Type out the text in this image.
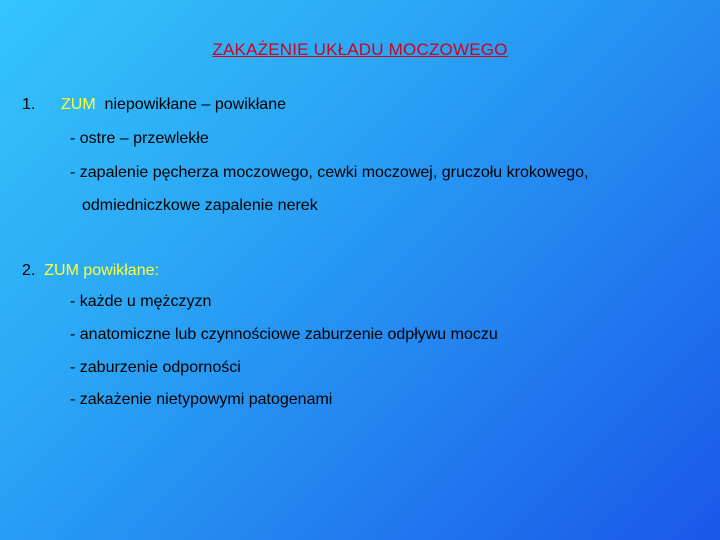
ZAKAŻENIE UKŁADU MOCZOWEGO
1. ZUM niepowikłane – powikłane
- ostre – przewlekłe
- zapalenie pęcherza moczowego, cewki moczowej, gruczołu krokowego,
odmiedniczkowe zapalenie nerek
2. ZUM powikłane:
- każde u mężczyzn
- anatomiczne lub czynnościowe zaburzenie odpływu moczu
- zaburzenie odporności
- zakażenie nietypowymi patogenami
